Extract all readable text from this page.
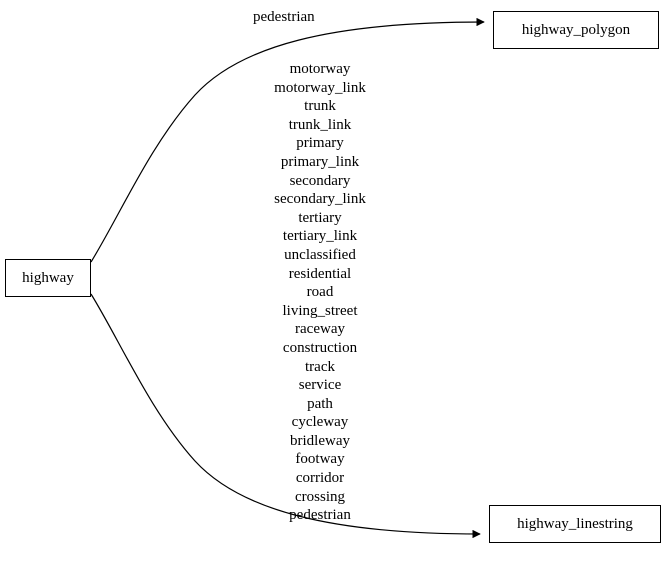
highway
highway_polygon
highway_linestring
pedestrian
motorway
motorway_link
trunk
trunk_link
primary
primary_link
secondary
secondary_link
tertiary
tertiary_link
unclassified
residential
road
living_street
raceway
construction
track
service
path
cycleway
bridleway
footway
corridor
crossing
pedestrian
